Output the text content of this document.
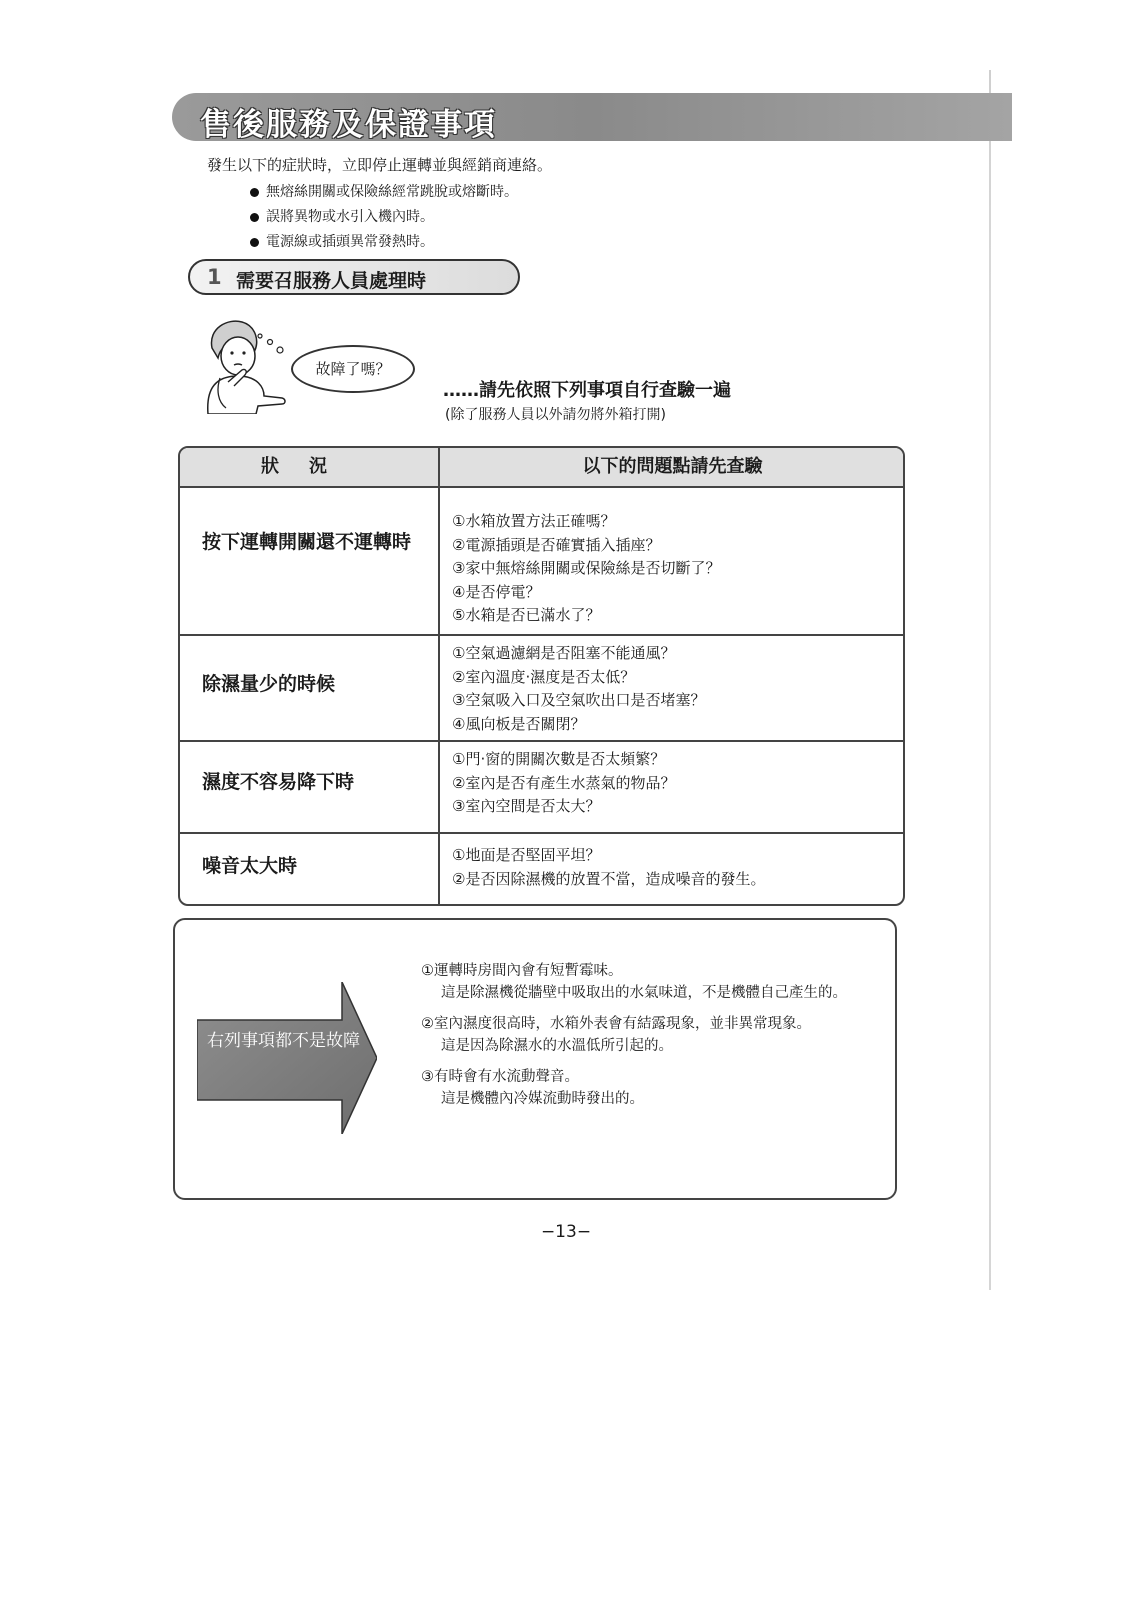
售後服務及保證事項
發生以下的症狀時，立即停止運轉並與經銷商連絡。
無熔絲開關或保險絲經常跳脫或熔斷時。
誤將異物或水引入機內時。
電源線或插頭異常發熱時。
1 需要召服務人員處理時
故障了嗎？
……請先依照下列事項自行查驗一遍
(除了服務人員以外請勿將外箱打開)
狀況	以下的問題點請先查驗
按下運轉開關還不運轉時
①水箱放置方法正確嗎？
②電源插頭是否確實插入插座？
③家中無熔絲開關或保險絲是否切斷了？
④是否停電？
⑤水箱是否已滿水了？
除濕量少的時候
①空氣過濾網是否阻塞不能通風？
②室內溫度‧濕度是否太低？
③空氣吸入口及空氣吹出口是否堵塞？
④風向板是否關閉？
濕度不容易降下時
①門‧窗的開關次數是否太頻繁？
②室內是否有產生水蒸氣的物品？
③室內空間是否太大？
噪音太大時	①地面是否堅固平坦？
②是否因除濕機的放置不當，造成噪音的發生。
右列事項都不是故障
①運轉時房間內會有短暫霉味。
這是除濕機從牆壁中吸取出的水氣味道，不是機體自己產生的。
②室內濕度很高時，水箱外表會有結露現象，並非異常現象。
這是因為除濕水的水溫低所引起的。
③有時會有水流動聲音。
這是機體內冷媒流動時發出的。
−13−
